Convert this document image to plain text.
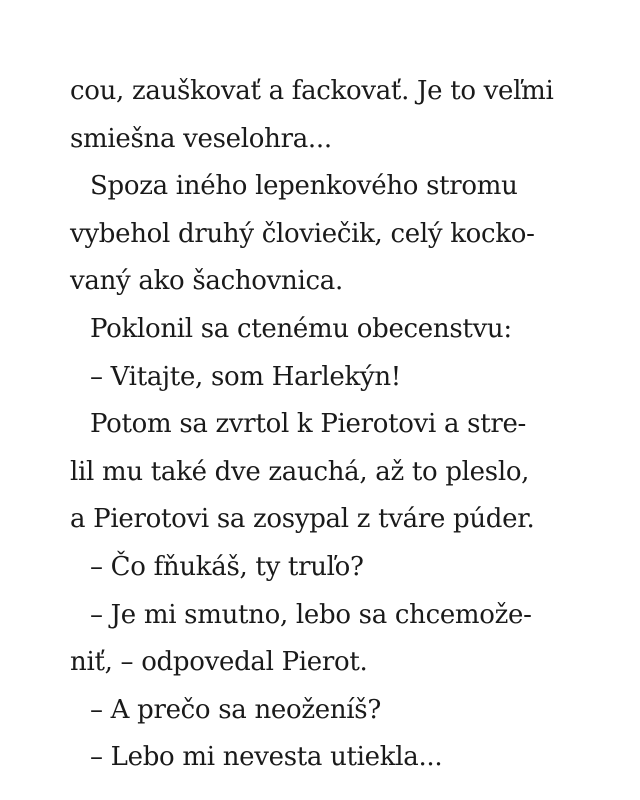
cou, zauškovať a fackovať. Je to veľmi
smiešna veselohra...
Spoza iného lepenkového stromu
vybehol druhý človiečik, celý kocko-
vaný ako šachovnica.
Poklonil sa ctenému obecenstvu:
– Vitajte, som Harlekýn!
Potom sa zvrtol k Pierotovi a stre-
lil mu také dve zauchá, až to pleslo,
a Pierotovi sa zosypal z tváre púder.
– Čo fňukáš, ty truľo?
– Je mi smutno, lebo sa chcemože-
niť, – odpovedal Pierot.
– A prečo sa neoženíš?
– Lebo mi nevesta utiekla...
